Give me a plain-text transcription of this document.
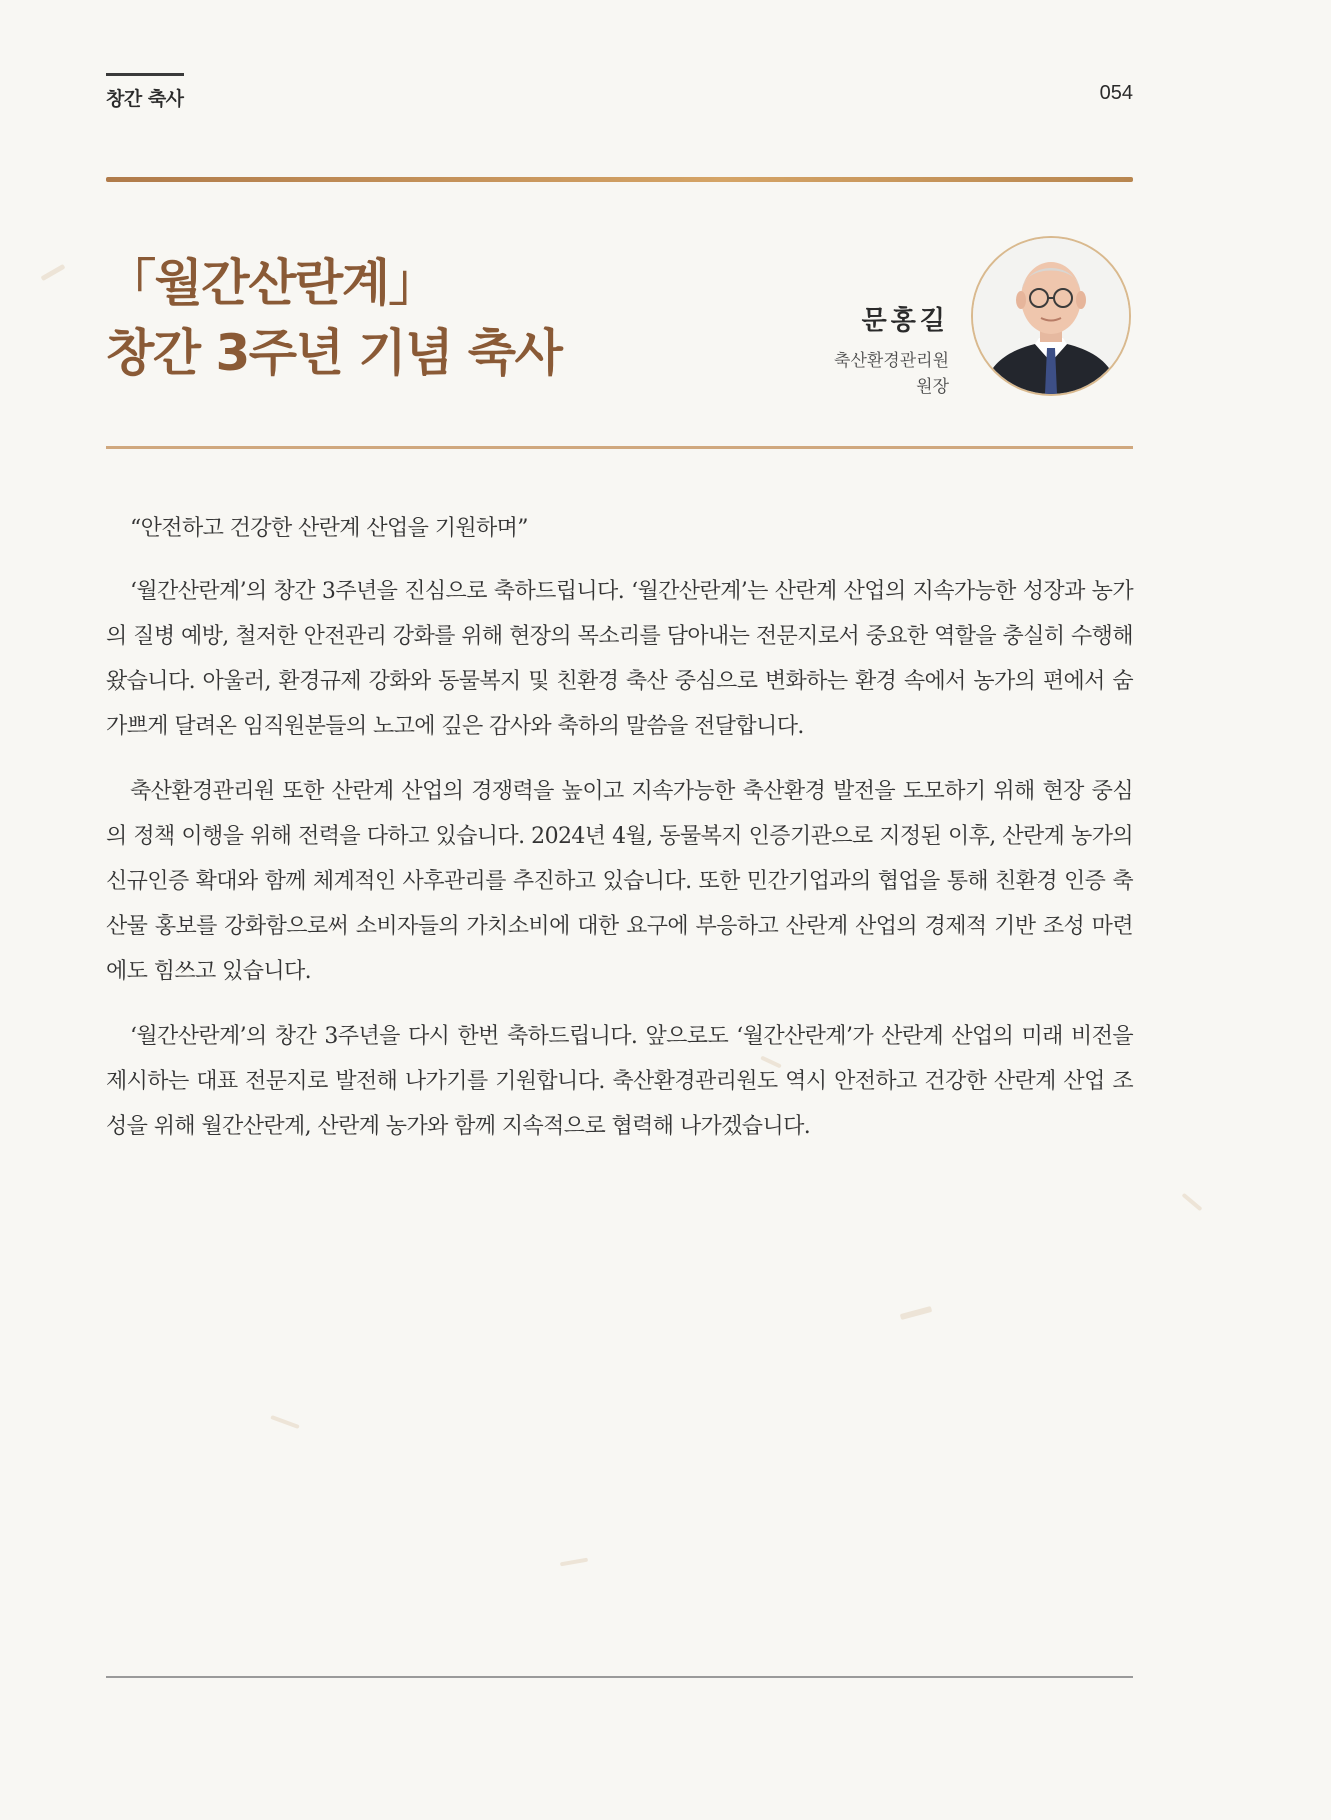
창간 축사	054
「월간산란계」
창간 3주년 기념 축사
문홍길
축산환경관리원
원장

“안전하고 건강한 산란계 산업을 기원하며”

‘월간산란계’의 창간 3주년을 진심으로 축하드립니다. ‘월간산란계’는 산란계 산업의 지속가능한 성장과 농가의 질병 예방, 철저한 안전관리 강화를 위해 현장의 목소리를 담아내는 전문지로서 중요한 역할을 충실히 수행해 왔습니다. 아울러, 환경규제 강화와 동물복지 및 친환경 축산 중심으로 변화하는 환경 속에서 농가의 편에서 숨 가쁘게 달려온 임직원분들의 노고에 깊은 감사와 축하의 말씀을 전달합니다.

축산환경관리원 또한 산란계 산업의 경쟁력을 높이고 지속가능한 축산환경 발전을 도모하기 위해 현장 중심의 정책 이행을 위해 전력을 다하고 있습니다. 2024년 4월, 동물복지 인증기관으로 지정된 이후, 산란계 농가의 신규인증 확대와 함께 체계적인 사후관리를 추진하고 있습니다. 또한 민간기업과의 협업을 통해 친환경 인증 축산물 홍보를 강화함으로써 소비자들의 가치소비에 대한 요구에 부응하고 산란계 산업의 경제적 기반 조성 마련에도 힘쓰고 있습니다.

‘월간산란계’의 창간 3주년을 다시 한번 축하드립니다. 앞으로도 ‘월간산란계’가 산란계 산업의 미래 비전을 제시하는 대표 전문지로 발전해 나가기를 기원합니다. 축산환경관리원도 역시 안전하고 건강한 산란계 산업 조성을 위해 월간산란계, 산란계 농가와 함께 지속적으로 협력해 나가겠습니다.
